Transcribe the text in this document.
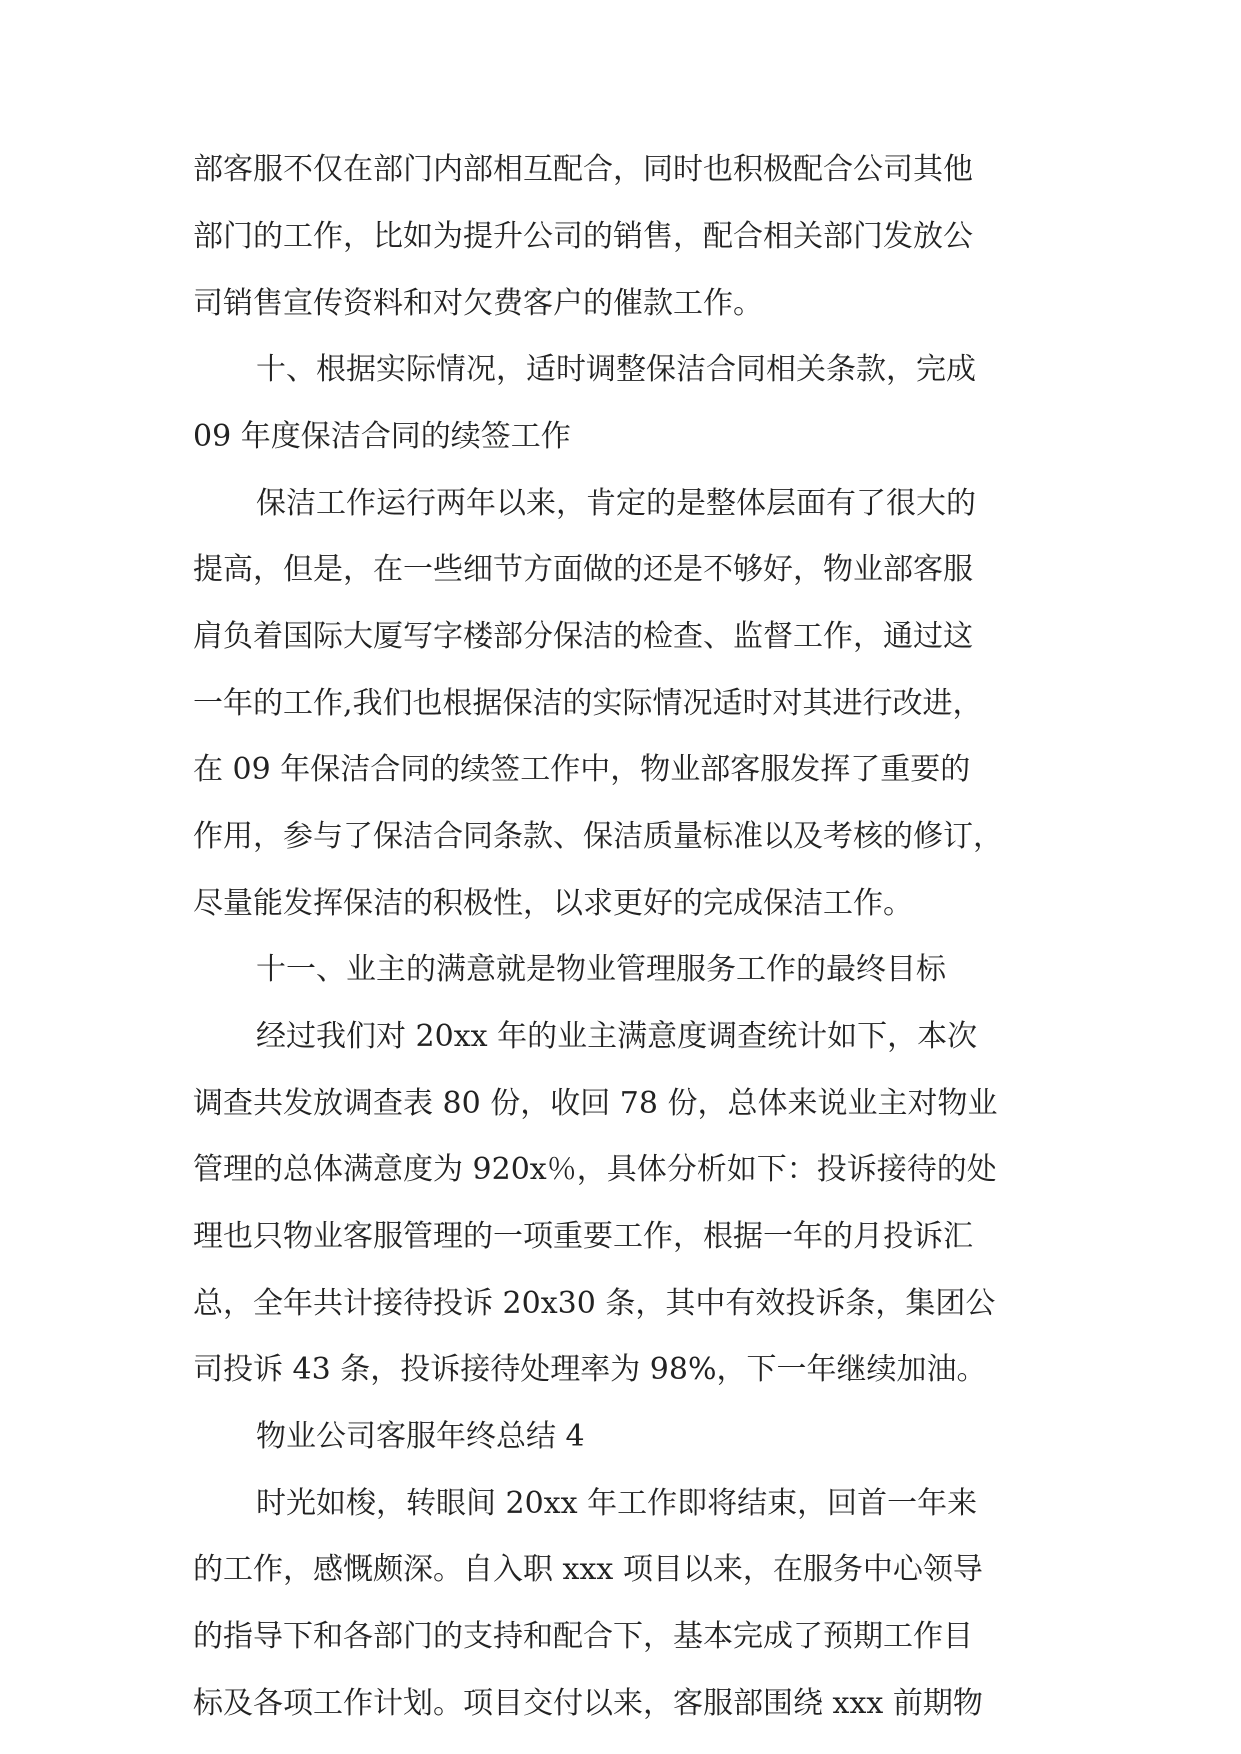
部客服不仅在部门内部相互配合，同时也积极配合公司其他
部门的工作，比如为提升公司的销售，配合相关部门发放公
司销售宣传资料和对欠费客户的催款工作。
十、根据实际情况，适时调整保洁合同相关条款，完成
09 年度保洁合同的续签工作
保洁工作运行两年以来，肯定的是整体层面有了很大的
提高，但是，在一些细节方面做的还是不够好，物业部客服
肩负着国际大厦写字楼部分保洁的检查、监督工作，通过这
一年的工作,我们也根据保洁的实际情况适时对其进行改进，
在 09 年保洁合同的续签工作中，物业部客服发挥了重要的
作用，参与了保洁合同条款、保洁质量标准以及考核的修订，
尽量能发挥保洁的积极性，以求更好的完成保洁工作。
十一、业主的满意就是物业管理服务工作的最终目标
经过我们对 20xx 年的业主满意度调查统计如下，本次
调查共发放调查表 80 份，收回 78 份，总体来说业主对物业
管理的总体满意度为 920x％，具体分析如下：投诉接待的处
理也只物业客服管理的一项重要工作，根据一年的月投诉汇
总，全年共计接待投诉 20x30 条，其中有效投诉条，集团公
司投诉 43 条，投诉接待处理率为 98%，下一年继续加油。
物业公司客服年终总结 4
时光如梭，转眼间 20xx 年工作即将结束，回首一年来
的工作，感慨颇深。自入职 xxx 项目以来，在服务中心领导
的指导下和各部门的支持和配合下，基本完成了预期工作目
标及各项工作计划。项目交付以来，客服部围绕 xxx 前期物
